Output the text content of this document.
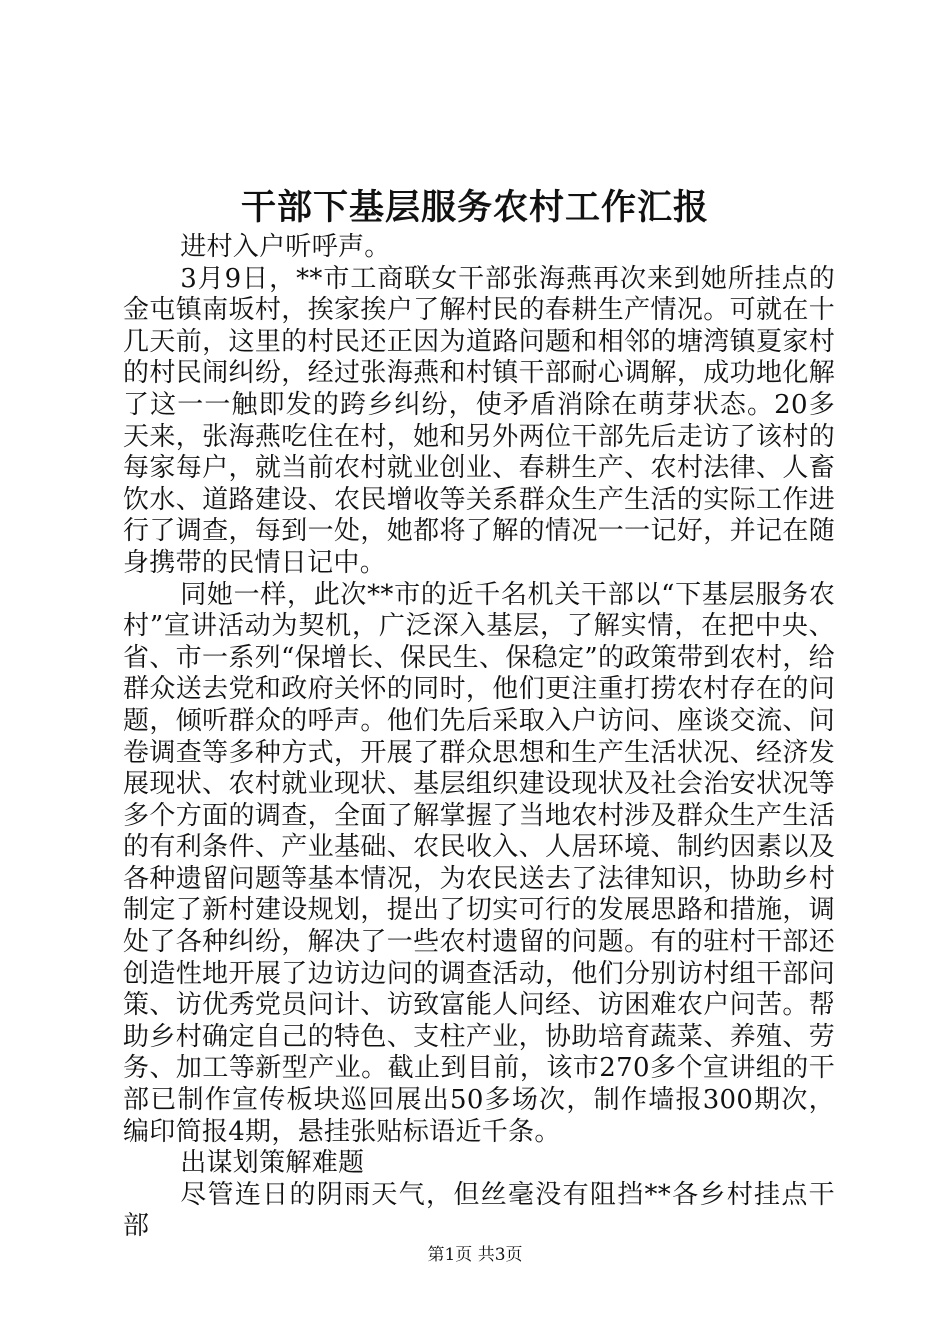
干部下基层服务农村工作汇报

进村入户听呼声。

3月9日，**市工商联女干部张海燕再次来到她所挂点的金屯镇南坂村，挨家挨户了解村民的春耕生产情况。可就在十几天前，这里的村民还正因为道路问题和相邻的塘湾镇夏家村的村民闹纠纷，经过张海燕和村镇干部耐心调解，成功地化解了这一一触即发的跨乡纠纷，使矛盾消除在萌芽状态。20多天来，张海燕吃住在村，她和另外两位干部先后走访了该村的每家每户，就当前农村就业创业、春耕生产、农村法律、人畜饮水、道路建设、农民增收等关系群众生产生活的实际工作进行了调查，每到一处，她都将了解的情况一一记好，并记在随身携带的民情日记中。

同她一样，此次**市的近千名机关干部以“下基层服务农村”宣讲活动为契机，广泛深入基层，了解实情，在把中央、省、市一系列“保增长、保民生、保稳定”的政策带到农村，给群众送去党和政府关怀的同时，他们更注重打捞农村存在的问题，倾听群众的呼声。他们先后采取入户访问、座谈交流、问卷调查等多种方式，开展了群众思想和生产生活状况、经济发展现状、农村就业现状、基层组织建设现状及社会治安状况等多个方面的调查，全面了解掌握了当地农村涉及群众生产生活的有利条件、产业基础、农民收入、人居环境、制约因素以及各种遗留问题等基本情况，为农民送去了法律知识，协助乡村制定了新村建设规划，提出了切实可行的发展思路和措施，调处了各种纠纷，解决了一些农村遗留的问题。有的驻村干部还创造性地开展了边访边问的调查活动，他们分别访村组干部问策、访优秀党员问计、访致富能人问经、访困难农户问苦。帮助乡村确定自己的特色、支柱产业，协助培育蔬菜、养殖、劳务、加工等新型产业。截止到目前，该市270多个宣讲组的干部已制作宣传板块巡回展出50多场次，制作墙报300期次，编印简报4期，悬挂张贴标语近千条。

出谋划策解难题

尽管连日的阴雨天气，但丝毫没有阻挡**各乡村挂点干部

第1页 共3页
